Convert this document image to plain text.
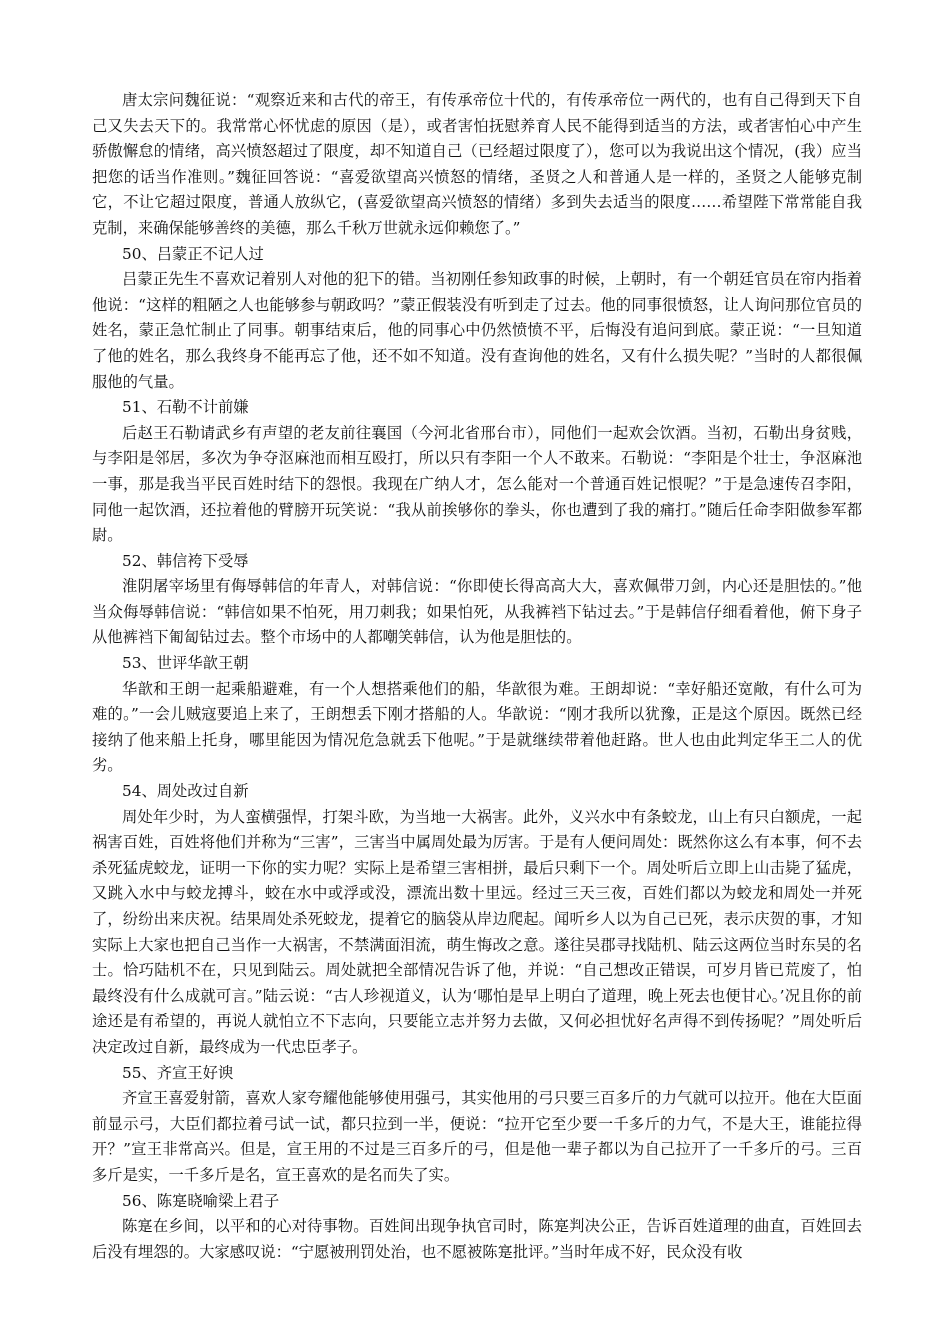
唐太宗问魏征说：“观察近来和古代的帝王，有传承帝位十代的，有传承帝位一两代的，也有自己得到天下自己又失去天下的。我常常心怀忧虑的原因（是），或者害怕抚慰养育人民不能得到适当的方法，或者害怕心中产生骄傲懈怠的情绪，高兴愤怒超过了限度，却不知道自己（已经超过限度了），您可以为我说出这个情况，(我）应当把您的话当作准则。”魏征回答说：“喜爱欲望高兴愤怒的情绪，圣贤之人和普通人是一样的，圣贤之人能够克制它，不让它超过限度，普通人放纵它，(喜爱欲望高兴愤怒的情绪）多到失去适当的限度……希望陛下常常能自我克制，来确保能够善终的美德，那么千秋万世就永远仰赖您了。”

50、吕蒙正不记人过

吕蒙正先生不喜欢记着别人对他的犯下的错。当初刚任参知政事的时候，上朝时，有一个朝廷官员在帘内指着他说：“这样的粗陋之人也能够参与朝政吗？”蒙正假装没有听到走了过去。他的同事很愤怒，让人询问那位官员的姓名，蒙正急忙制止了同事。朝事结束后，他的同事心中仍然愤愤不平，后悔没有追问到底。蒙正说：“一旦知道了他的姓名，那么我终身不能再忘了他，还不如不知道。没有查询他的姓名，又有什么损失呢？”当时的人都很佩服他的气量。

51、石勒不计前嫌

后赵王石勒请武乡有声望的老友前往襄国（今河北省邢台市），同他们一起欢会饮酒。当初，石勒出身贫贱，与李阳是邻居，多次为争夺沤麻池而相互殴打，所以只有李阳一个人不敢来。石勒说：“李阳是个壮士，争沤麻池一事，那是我当平民百姓时结下的怨恨。我现在广纳人才，怎么能对一个普通百姓记恨呢？”于是急速传召李阳，同他一起饮酒，还拉着他的臂膀开玩笑说：“我从前挨够你的拳头，你也遭到了我的痛打。”随后任命李阳做参军都尉。

52、韩信袴下受辱

淮阴屠宰场里有侮辱韩信的年青人，对韩信说：“你即使长得高高大大，喜欢佩带刀剑，内心还是胆怯的。”他当众侮辱韩信说：“韩信如果不怕死，用刀刺我；如果怕死，从我裤裆下钻过去。”于是韩信仔细看着他，俯下身子从他裤裆下匍匐钻过去。整个市场中的人都嘲笑韩信，认为他是胆怯的。

53、世评华歆王朝

华歆和王朗一起乘船避难，有一个人想搭乘他们的船，华歆很为难。王朗却说：“幸好船还宽敞，有什么可为难的。”一会儿贼寇要追上来了，王朗想丢下刚才搭船的人。华歆说：“刚才我所以犹豫，正是这个原因。既然已经接纳了他来船上托身，哪里能因为情况危急就丢下他呢。”于是就继续带着他赶路。世人也由此判定华王二人的优劣。

54、周处改过自新

周处年少时，为人蛮横强悍，打架斗欧，为当地一大祸害。此外，义兴水中有条蛟龙，山上有只白额虎，一起祸害百姓，百姓将他们并称为“三害”，三害当中属周处最为厉害。于是有人便问周处：既然你这么有本事，何不去杀死猛虎蛟龙，证明一下你的实力呢？实际上是希望三害相拼，最后只剩下一个。周处听后立即上山击毙了猛虎，又跳入水中与蛟龙搏斗，蛟在水中或浮或没，漂流出数十里远。经过三天三夜，百姓们都以为蛟龙和周处一并死了，纷纷出来庆祝。结果周处杀死蛟龙，提着它的脑袋从岸边爬起。闻听乡人以为自己已死，表示庆贺的事，才知实际上大家也把自己当作一大祸害，不禁满面泪流，萌生悔改之意。遂往吴郡寻找陆机、陆云这两位当时东吴的名士。恰巧陆机不在，只见到陆云。周处就把全部情况告诉了他，并说：“自己想改正错误，可岁月皆已荒废了，怕最终没有什么成就可言。”陆云说：“古人珍视道义，认为‘哪怕是早上明白了道理，晚上死去也便甘心。’况且你的前途还是有希望的，再说人就怕立不下志向，只要能立志并努力去做，又何必担忧好名声得不到传扬呢？”周处听后决定改过自新，最终成为一代忠臣孝子。

55、齐宣王好谀

齐宣王喜爱射箭，喜欢人家夸耀他能够使用强弓，其实他用的弓只要三百多斤的力气就可以拉开。他在大臣面前显示弓，大臣们都拉着弓试一试，都只拉到一半，便说：“拉开它至少要一千多斤的力气，不是大王，谁能拉得开？”宣王非常高兴。但是，宣王用的不过是三百多斤的弓，但是他一辈子都以为自己拉开了一千多斤的弓。三百多斤是实，一千多斤是名，宣王喜欢的是名而失了实。

56、陈寔晓喻梁上君子

陈寔在乡间，以平和的心对待事物。百姓间出现争执官司时，陈寔判决公正，告诉百姓道理的曲直，百姓回去后没有埋怨的。大家感叹说：“宁愿被刑罚处治，也不愿被陈寔批评。”当时年成不好，民众没有收
